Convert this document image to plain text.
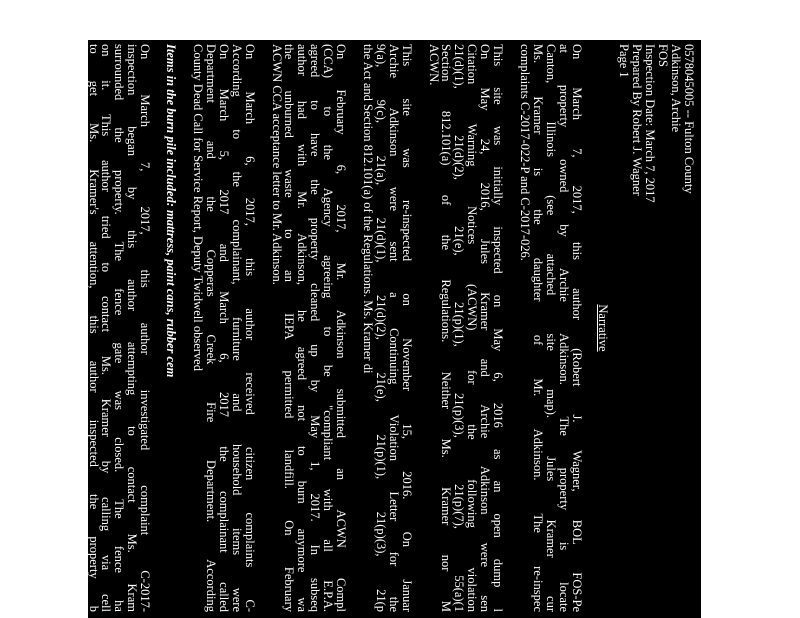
0578045005 -- Fulton County
Adkinson, Archie
FOS
Inspection Date: March 7, 2017
Prepared By Robert J. Wagner
Page 1
Narrative
On March 7, 2017, this author (Robert J. Wagner, BOL FOS-Pe
at property owned by Archie Adkinson. The property is locate
Canton, Illinois (see attached site map). Jules Kramer cur
Ms. Kramer is the daughter of Mr. Adkinson. The re-inspec
complaints C-2017-022-P and C-2017-026.
This site was initially inspected on May 6, 2016 as an open dump l
On May 24, 2016, Jules Kramer and Archie Adkinson were sen
Citation Warning Notices (ACWN) for the following violation
21(d)(1), 21(d)(2), 21(e), 21(p)(1), 21(p)(3), 21(p)(7), 55(a)(1
Section 812.101(a) of the Regulations. Neither Ms. Kramer nor M
ACWN.
This site was re-inspected on November 15, 2016. On Januar
Archie Adkinson were sent a Continuing Violation Letter for the
9(a), 9(c), 21(a), 21(d)(1), 21(d)(2), 21(e), 21(p)(1), 21(p)(3), 21(p
the Act and Section 812.101(a) of the Regulations. Ms. Kramer di
On February 6, 2017, Mr. Adkinson submitted an ACWN Compl
(CCA) to the Agency agreeing to be "compliant with all E.P.A.
agreed to have the property cleaned up by May 1, 2017. In subseq
author had with Mr. Adkinson, he agreed not to burn anymore wa
the unburned waste to an IEPA permitted landfill. On February
ACWN CCA acceptance letter to Mr. Adkinson.
On March 6, 2017, this author received citizen complaints C-
According to the complainant, furniture and household items were
On March 5, 2017 and March 6, 2017 the complainant called
Department and the Copperas Creek Fire Department. According
County Dead Call for Service Report, Deputy Twidwell observed
Items in the burn pile included: mattress, paint cans, rubber cem
On March 7, 2017, this author investigated complaint C-2017-
inspection began by this author attempting to contact Ms. Kram
surrounded the property. The fence gate was closed. The fence ha
on it. This author tried to contact Ms. Kramer by calling via cell
to get Ms. Kramer's attention, this author inspected the property b
while staying on the adjoining property. See attached site sketch.
